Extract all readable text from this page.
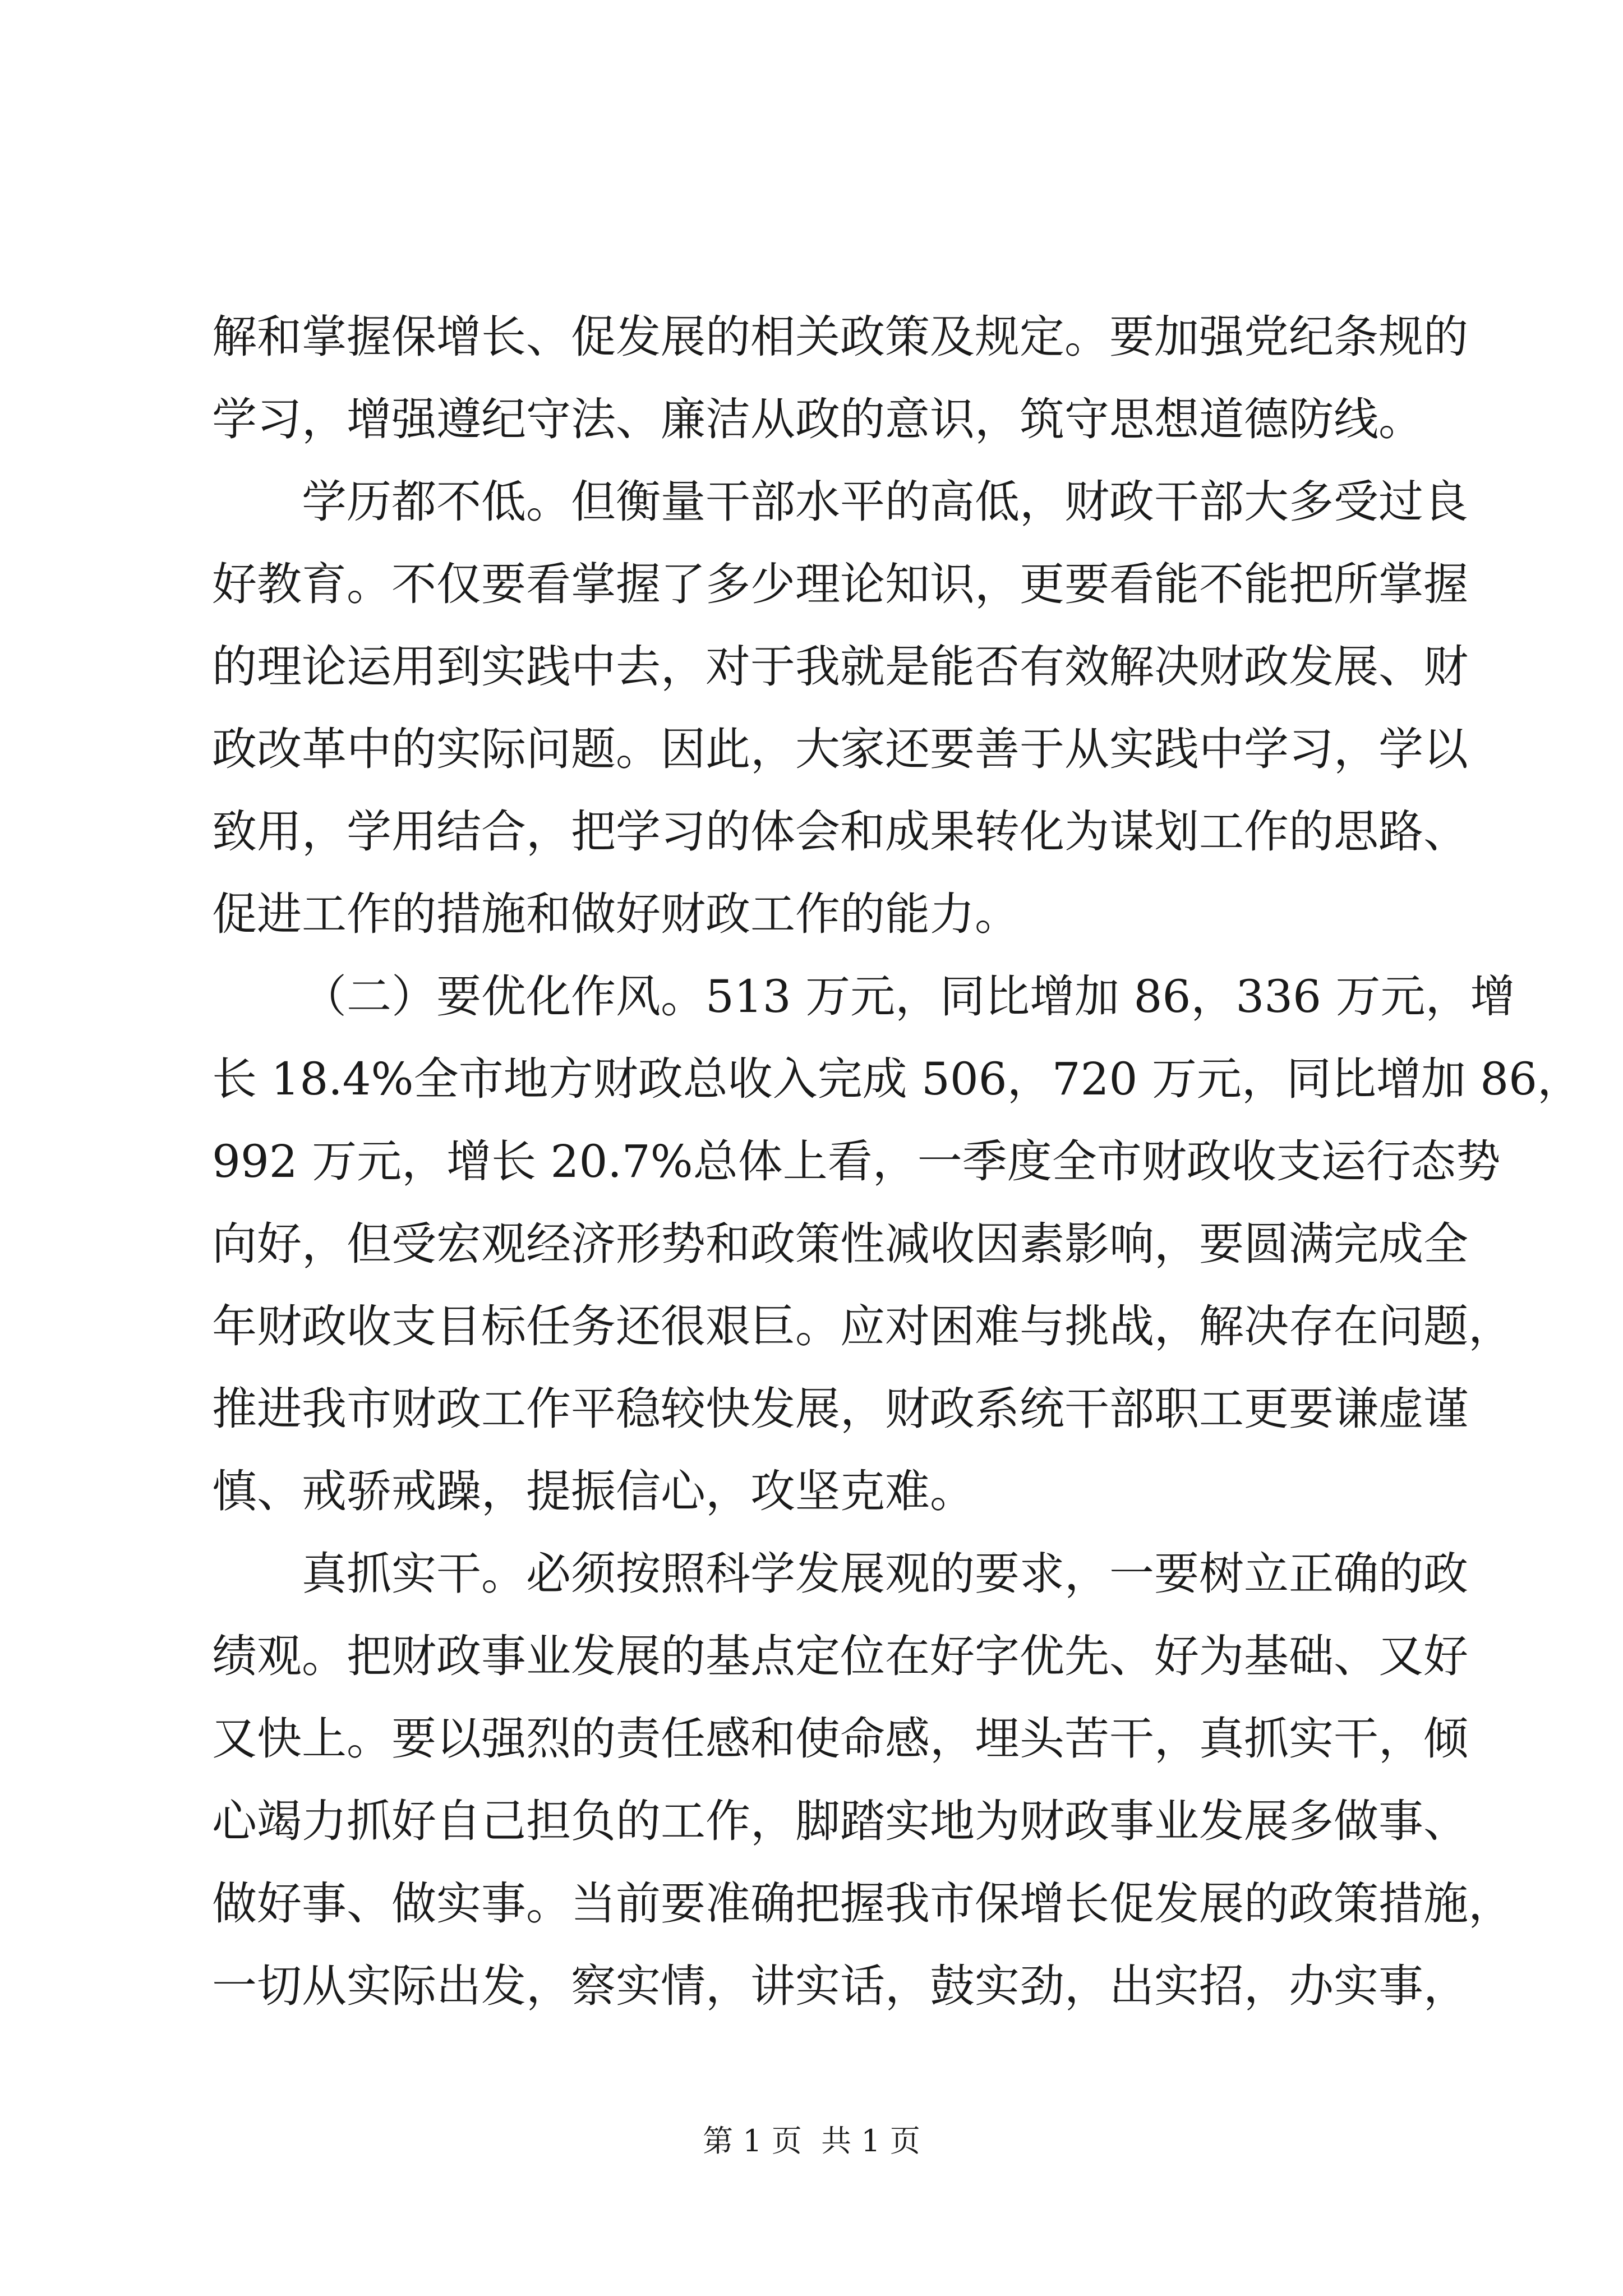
解和掌握保增长、促发展的相关政策及规定。要加强党纪条规的
学习，增强遵纪守法、廉洁从政的意识，筑守思想道德防线。
学历都不低。但衡量干部水平的高低，财政干部大多受过良
好教育。不仅要看掌握了多少理论知识，更要看能不能把所掌握
的理论运用到实践中去，对于我就是能否有效解决财政发展、财
政改革中的实际问题。因此，大家还要善于从实践中学习，学以
致用，学用结合，把学习的体会和成果转化为谋划工作的思路、
促进工作的措施和做好财政工作的能力。
（二）要优化作风。513 万元，同比增加 86，336 万元，增
长 18.4%全市地方财政总收入完成 506，720 万元，同比增加 86，
992 万元，增长 20.7%总体上看，一季度全市财政收支运行态势
向好，但受宏观经济形势和政策性减收因素影响，要圆满完成全
年财政收支目标任务还很艰巨。应对困难与挑战，解决存在问题，
推进我市财政工作平稳较快发展，财政系统干部职工更要谦虚谨
慎、戒骄戒躁，提振信心，攻坚克难。
真抓实干。必须按照科学发展观的要求，一要树立正确的政
绩观。把财政事业发展的基点定位在好字优先、好为基础、又好
又快上。要以强烈的责任感和使命感，埋头苦干，真抓实干，倾
心竭力抓好自己担负的工作，脚踏实地为财政事业发展多做事、
做好事、做实事。当前要准确把握我市保增长促发展的政策措施，
一切从实际出发，察实情，讲实话，鼓实劲，出实招，办实事，
第 1 页  共 1 页
